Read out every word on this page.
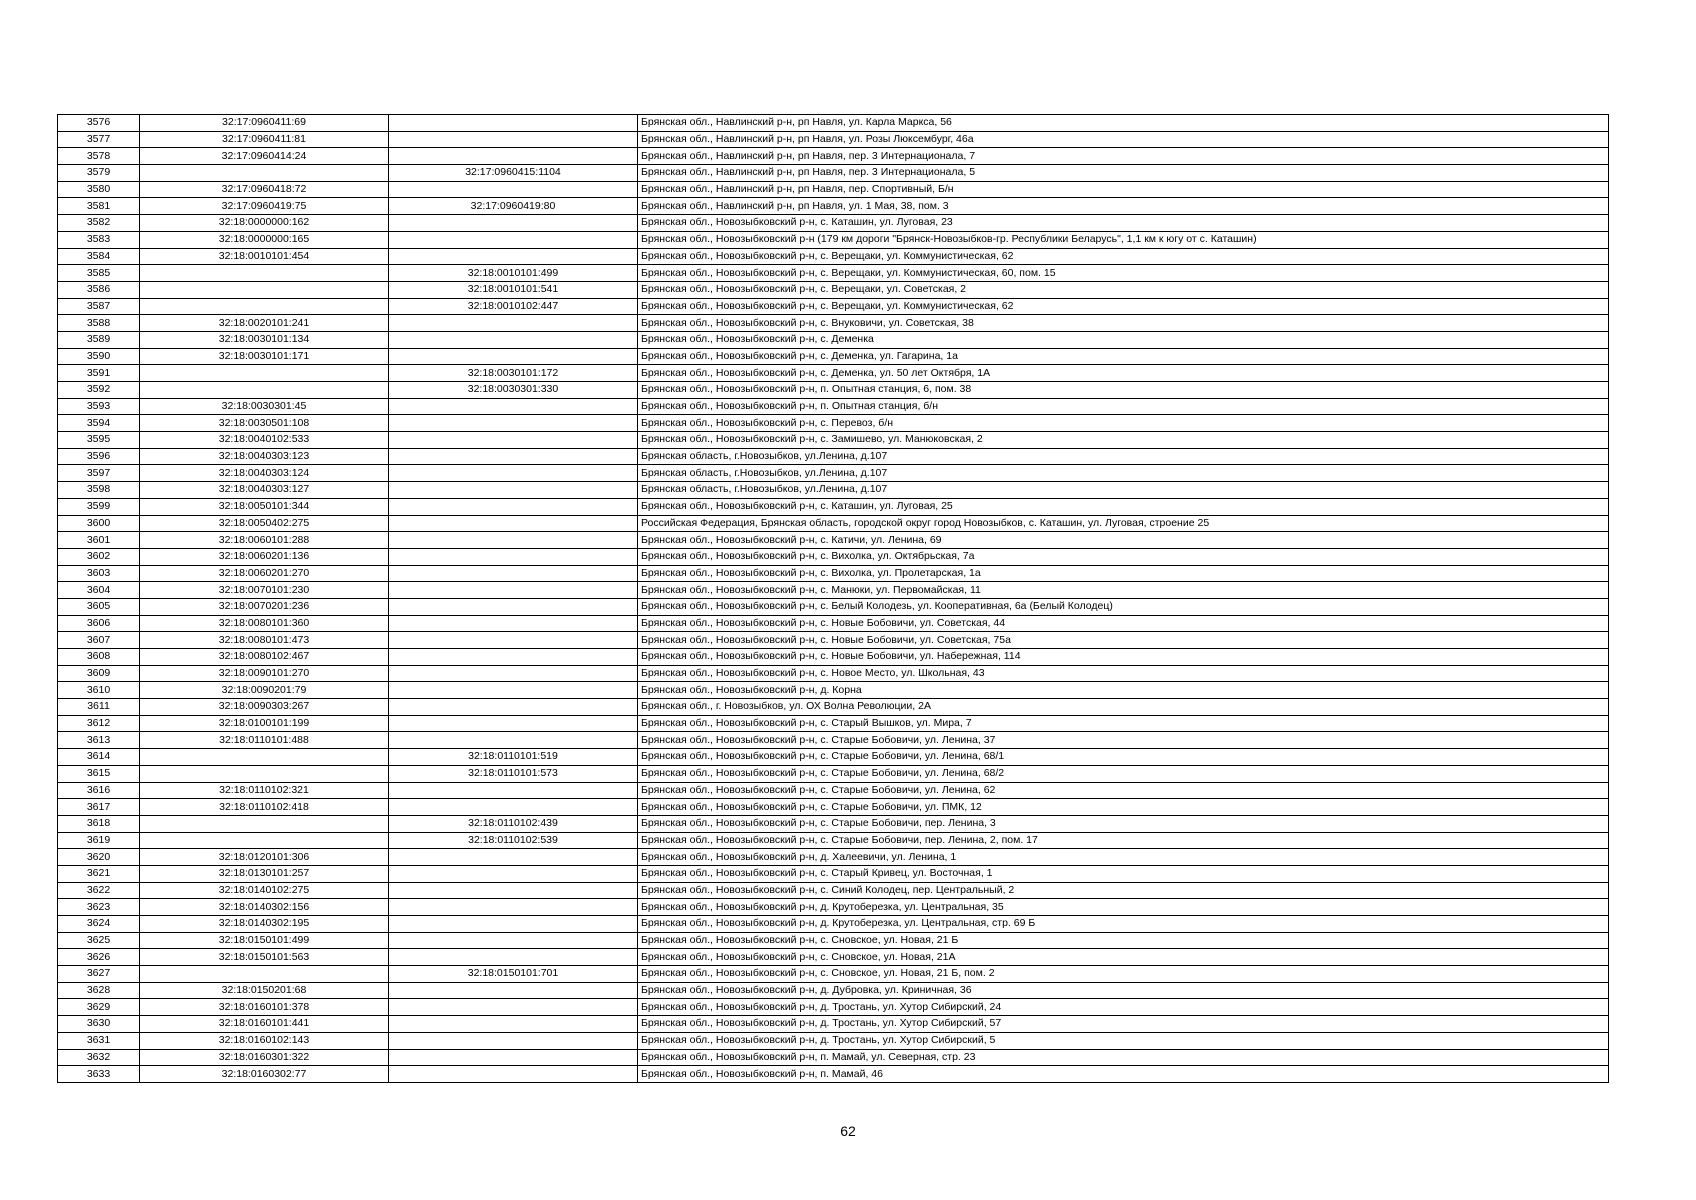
3576	32:17:0960411:69		Брянская обл., Навлинский р-н, рп Навля, ул. Карла Маркса, 56
3577	32:17:0960411:81		Брянская обл., Навлинский р-н, рп Навля, ул. Розы Люксембург, 46а
3578	32:17:0960414:24		Брянская обл., Навлинский р-н, рп Навля, пер. 3 Интернационала, 7
3579		32:17:0960415:1104	Брянская обл., Навлинский р-н, рп Навля, пер. 3 Интернационала, 5
3580	32:17:0960418:72		Брянская обл., Навлинский р-н, рп Навля, пер. Спортивный, Б/н
3581	32:17:0960419:75	32:17:0960419:80	Брянская обл., Навлинский р-н, рп Навля, ул. 1 Мая, 38, пом. 3
3582	32:18:0000000:162		Брянская обл., Новозыбковский р-н, с. Каташин, ул. Луговая, 23
3583	32:18:0000000:165		Брянская обл., Новозыбковский р-н (179 км дороги "Брянск-Новозыбков-гр. Республики Беларусь", 1,1 км к югу от с. Каташин)
3584	32:18:0010101:454		Брянская обл., Новозыбковский р-н, с. Верещаки, ул. Коммунистическая, 62
3585		32:18:0010101:499	Брянская обл., Новозыбковский р-н, с. Верещаки, ул. Коммунистическая, 60, пом. 15
3586		32:18:0010101:541	Брянская обл., Новозыбковский р-н, с. Верещаки, ул. Советская, 2
3587		32:18:0010102:447	Брянская обл., Новозыбковский р-н, с. Верещаки, ул. Коммунистическая, 62
3588	32:18:0020101:241		Брянская обл., Новозыбковский р-н, с. Внуковичи, ул. Советская, 38
3589	32:18:0030101:134		Брянская обл., Новозыбковский р-н, с. Деменка
3590	32:18:0030101:171		Брянская обл., Новозыбковский р-н, с. Деменка, ул. Гагарина, 1а
3591		32:18:0030101:172	Брянская обл., Новозыбковский р-н, с. Деменка, ул. 50 лет Октября, 1А
3592		32:18:0030301:330	Брянская обл., Новозыбковский р-н, п. Опытная станция, 6, пом. 38
3593	32:18:0030301:45		Брянская обл., Новозыбковский р-н, п. Опытная станция, б/н
3594	32:18:0030501:108		Брянская обл., Новозыбковский р-н, с. Перевоз, б/н
3595	32:18:0040102:533		Брянская обл., Новозыбковский р-н, с. Замишево, ул. Манюковская, 2
3596	32:18:0040303:123		Брянская область, г.Новозыбков, ул.Ленина, д.107
3597	32:18:0040303:124		Брянская область, г.Новозыбков, ул.Ленина, д.107
3598	32:18:0040303:127		Брянская область, г.Новозыбков, ул.Ленина, д.107
3599	32:18:0050101:344		Брянская обл., Новозыбковский р-н, с. Каташин, ул. Луговая, 25
3600	32:18:0050402:275		Российская Федерация, Брянская область, городской округ город Новозыбков, с. Каташин, ул. Луговая, строение 25
3601	32:18:0060101:288		Брянская обл., Новозыбковский р-н, с. Катичи, ул. Ленина, 69
3602	32:18:0060201:136		Брянская обл., Новозыбковский р-н, с. Вихолка, ул. Октябрьская, 7а
3603	32:18:0060201:270		Брянская обл., Новозыбковский р-н, с. Вихолка, ул. Пролетарская, 1а
3604	32:18:0070101:230		Брянская обл., Новозыбковский р-н, с. Манюки, ул. Первомайская, 11
3605	32:18:0070201:236		Брянская обл., Новозыбковский р-н, с. Белый Колодезь, ул. Кооперативная, 6а (Белый Колодец)
3606	32:18:0080101:360		Брянская обл., Новозыбковский р-н, с. Новые Бобовичи, ул. Советская, 44
3607	32:18:0080101:473		Брянская обл., Новозыбковский р-н, с. Новые Бобовичи, ул. Советская, 75а
3608	32:18:0080102:467		Брянская обл., Новозыбковский р-н, с. Новые Бобовичи, ул. Набережная, 114
3609	32:18:0090101:270		Брянская обл., Новозыбковский р-н, с. Новое Место, ул. Школьная, 43
3610	32:18:0090201:79		Брянская обл., Новозыбковский р-н, д. Корна
3611	32:18:0090303:267		Брянская обл., г. Новозыбков, ул. ОХ Волна Революции, 2А
3612	32:18:0100101:199		Брянская обл., Новозыбковский р-н, с. Старый Вышков, ул. Мира, 7
3613	32:18:0110101:488		Брянская обл., Новозыбковский р-н, с. Старые Бобовичи, ул. Ленина, 37
3614		32:18:0110101:519	Брянская обл., Новозыбковский р-н, с. Старые Бобовичи, ул. Ленина, 68/1
3615		32:18:0110101:573	Брянская обл., Новозыбковский р-н, с. Старые Бобовичи, ул. Ленина, 68/2
3616	32:18:0110102:321		Брянская обл., Новозыбковский р-н, с. Старые Бобовичи, ул. Ленина, 62
3617	32:18:0110102:418		Брянская обл., Новозыбковский р-н, с. Старые Бобовичи, ул. ПМК, 12
3618		32:18:0110102:439	Брянская обл., Новозыбковский р-н, с. Старые Бобовичи, пер. Ленина, 3
3619		32:18:0110102:539	Брянская обл., Новозыбковский р-н, с. Старые Бобовичи, пер. Ленина, 2, пом. 17
3620	32:18:0120101:306		Брянская обл., Новозыбковский р-н, д. Халеевичи, ул. Ленина, 1
3621	32:18:0130101:257		Брянская обл., Новозыбковский р-н, с. Старый Кривец, ул. Восточная, 1
3622	32:18:0140102:275		Брянская обл., Новозыбковский р-н, с. Синий Колодец, пер. Центральный, 2
3623	32:18:0140302:156		Брянская обл., Новозыбковский р-н, д. Крутоберезка, ул. Центральная, 35
3624	32:18:0140302:195		Брянская обл., Новозыбковский р-н, д. Крутоберезка, ул. Центральная, стр. 69 Б
3625	32:18:0150101:499		Брянская обл., Новозыбковский р-н, с. Сновское, ул. Новая, 21 Б
3626	32:18:0150101:563		Брянская обл., Новозыбковский р-н, с. Сновское, ул. Новая, 21А
3627		32:18:0150101:701	Брянская обл., Новозыбковский р-н, с. Сновское, ул. Новая, 21 Б, пом. 2
3628	32:18:0150201:68		Брянская обл., Новозыбковский р-н, д. Дубровка, ул. Криничная, 36
3629	32:18:0160101:378		Брянская обл., Новозыбковский р-н, д. Тростань, ул. Хутор Сибирский, 24
3630	32:18:0160101:441		Брянская обл., Новозыбковский р-н, д. Тростань, ул. Хутор Сибирский, 57
3631	32:18:0160102:143		Брянская обл., Новозыбковский р-н, д. Тростань, ул. Хутор Сибирский, 5
3632	32:18:0160301:322		Брянская обл., Новозыбковский р-н, п. Мамай, ул. Северная, стр. 23
3633	32:18:0160302:77		Брянская обл., Новозыбковский р-н, п. Мамай, 46
62
